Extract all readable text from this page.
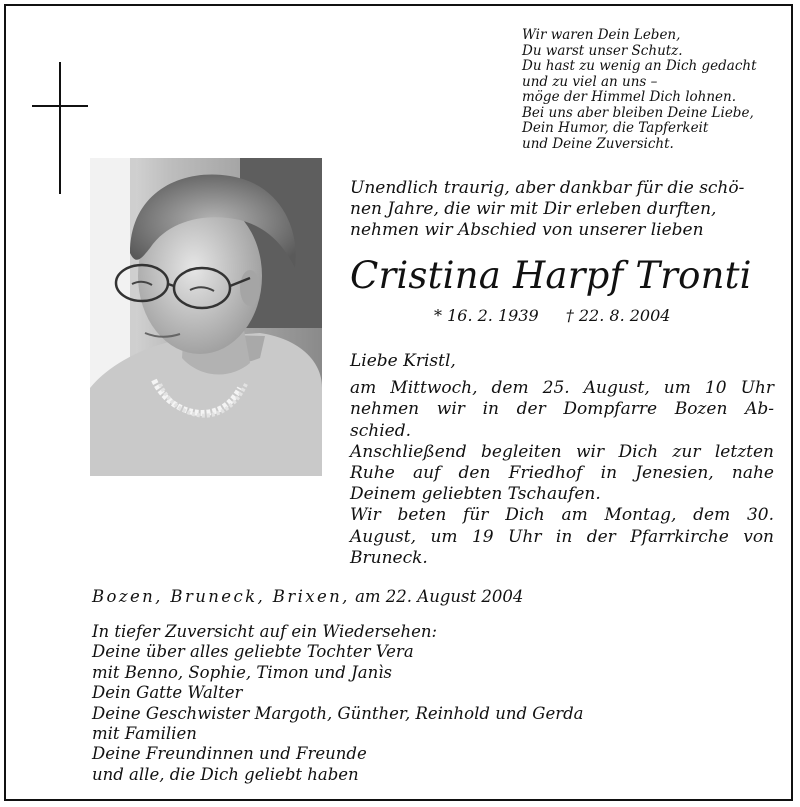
Wir waren Dein Leben,
Du warst unser Schutz.
Du hast zu wenig an Dich gedacht
und zu viel an uns –
möge der Himmel Dich lohnen.
Bei uns aber bleiben Deine Liebe,
Dein Humor, die Tapferkeit
und Deine Zuversicht.
Unendlich traurig, aber dankbar für die schö-
nen Jahre, die wir mit Dir erleben durften,
nehmen wir Abschied von unserer lieben
Cristina Harpf Tronti
* 16. 2. 1939 † 22. 8. 2004
Liebe Kristl,
am Mittwoch, dem 25. August, um 10 Uhr
nehmen wir in der Dompfarre Bozen Ab-
schied.
Anschließend begleiten wir Dich zur letzten
Ruhe auf den Friedhof in Jenesien, nahe
Deinem geliebten Tschaufen.
Wir beten für Dich am Montag, dem 30.
August, um 19 Uhr in der Pfarrkirche von
Bruneck.
Bozen, Bruneck, Brixen, am 22. August 2004
In tiefer Zuversicht auf ein Wiedersehen:
Deine über alles geliebte Tochter Vera
mit Benno, Sophie, Timon und Janìs
Dein Gatte Walter
Deine Geschwister Margoth, Günther, Reinhold und Gerda
mit Familien
Deine Freundinnen und Freunde
und alle, die Dich geliebt haben
